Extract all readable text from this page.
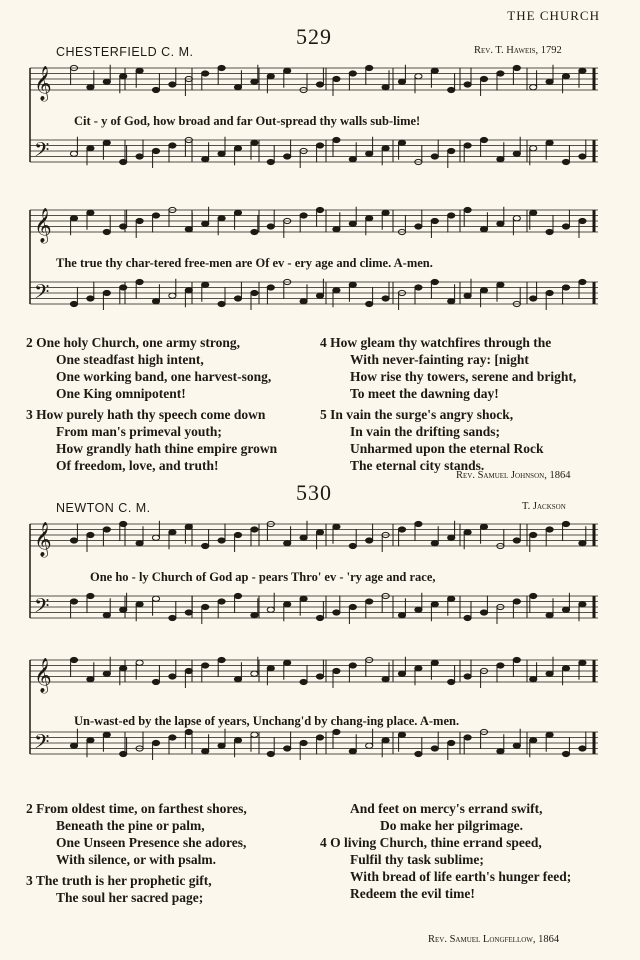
THE CHURCH
529
CHESTERFIELD C. M.	Rev. T. Haweis, 1792
𝄞
𝄢
Cit - y of God, how broad and far Out-spread thy walls sub-lime!
𝄞
𝄢
The true thy char-tered free-men are Of ev - ery age and clime. A-men.
2 One holy Church, one army strong,
One steadfast high intent,
One working band, one harvest-song,
One King omnipotent!
3 How purely hath thy speech come down
From man's primeval youth;
How grandly hath thine empire grown
Of freedom, love, and truth!
4 How gleam thy watchfires through the
With never-fainting ray: [night
How rise thy towers, serene and bright,
To meet the dawning day!
5 In vain the surge's angry shock,
In vain the drifting sands;
Unharmed upon the eternal Rock
The eternal city stands.
Rev. Samuel Johnson, 1864
530
NEWTON C. M.	T. Jackson
𝄞
𝄢
One ho - ly Church of God ap - pears Thro' ev - 'ry age and race,
𝄞
𝄢
Un-wast-ed by the lapse of years, Unchang'd by chang-ing place. A-men.
2 From oldest time, on farthest shores,
Beneath the pine or palm,
One Unseen Presence she adores,
With silence, or with psalm.
3 The truth is her prophetic gift,
The soul her sacred page;
And feet on mercy's errand swift,
Do make her pilgrimage.
4 O living Church, thine errand speed,
Fulfil thy task sublime;
With bread of life earth's hunger feed;
Redeem the evil time!
Rev. Samuel Longfellow, 1864
